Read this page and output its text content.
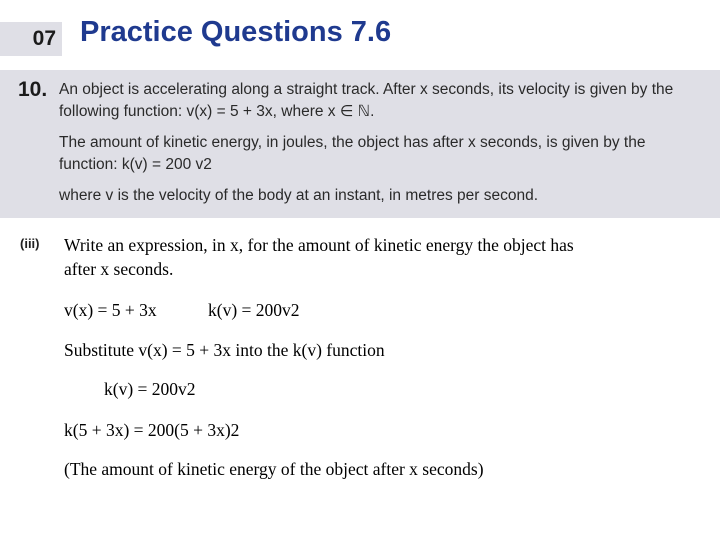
07 Practice Questions 7.6
10. An object is accelerating along a straight track. After x seconds, its velocity is given by the
following function: v(x) = 5 + 3x, where x ∈ ℕ.
The amount of kinetic energy, in joules, the object has after x seconds, is given by the
function: k(v) = 200 v2
where v is the velocity of the body at an instant, in metres per second.
(iii) Write an expression, in x, for the amount of kinetic energy the object has
after x seconds.
v(x) = 5 + 3x	k(v) = 200v2
Substitute v(x) = 5 + 3x into the k(v) function
k(v) = 200v2
k(5 + 3x) = 200(5 + 3x)2
(The amount of kinetic energy of the object after x seconds)
